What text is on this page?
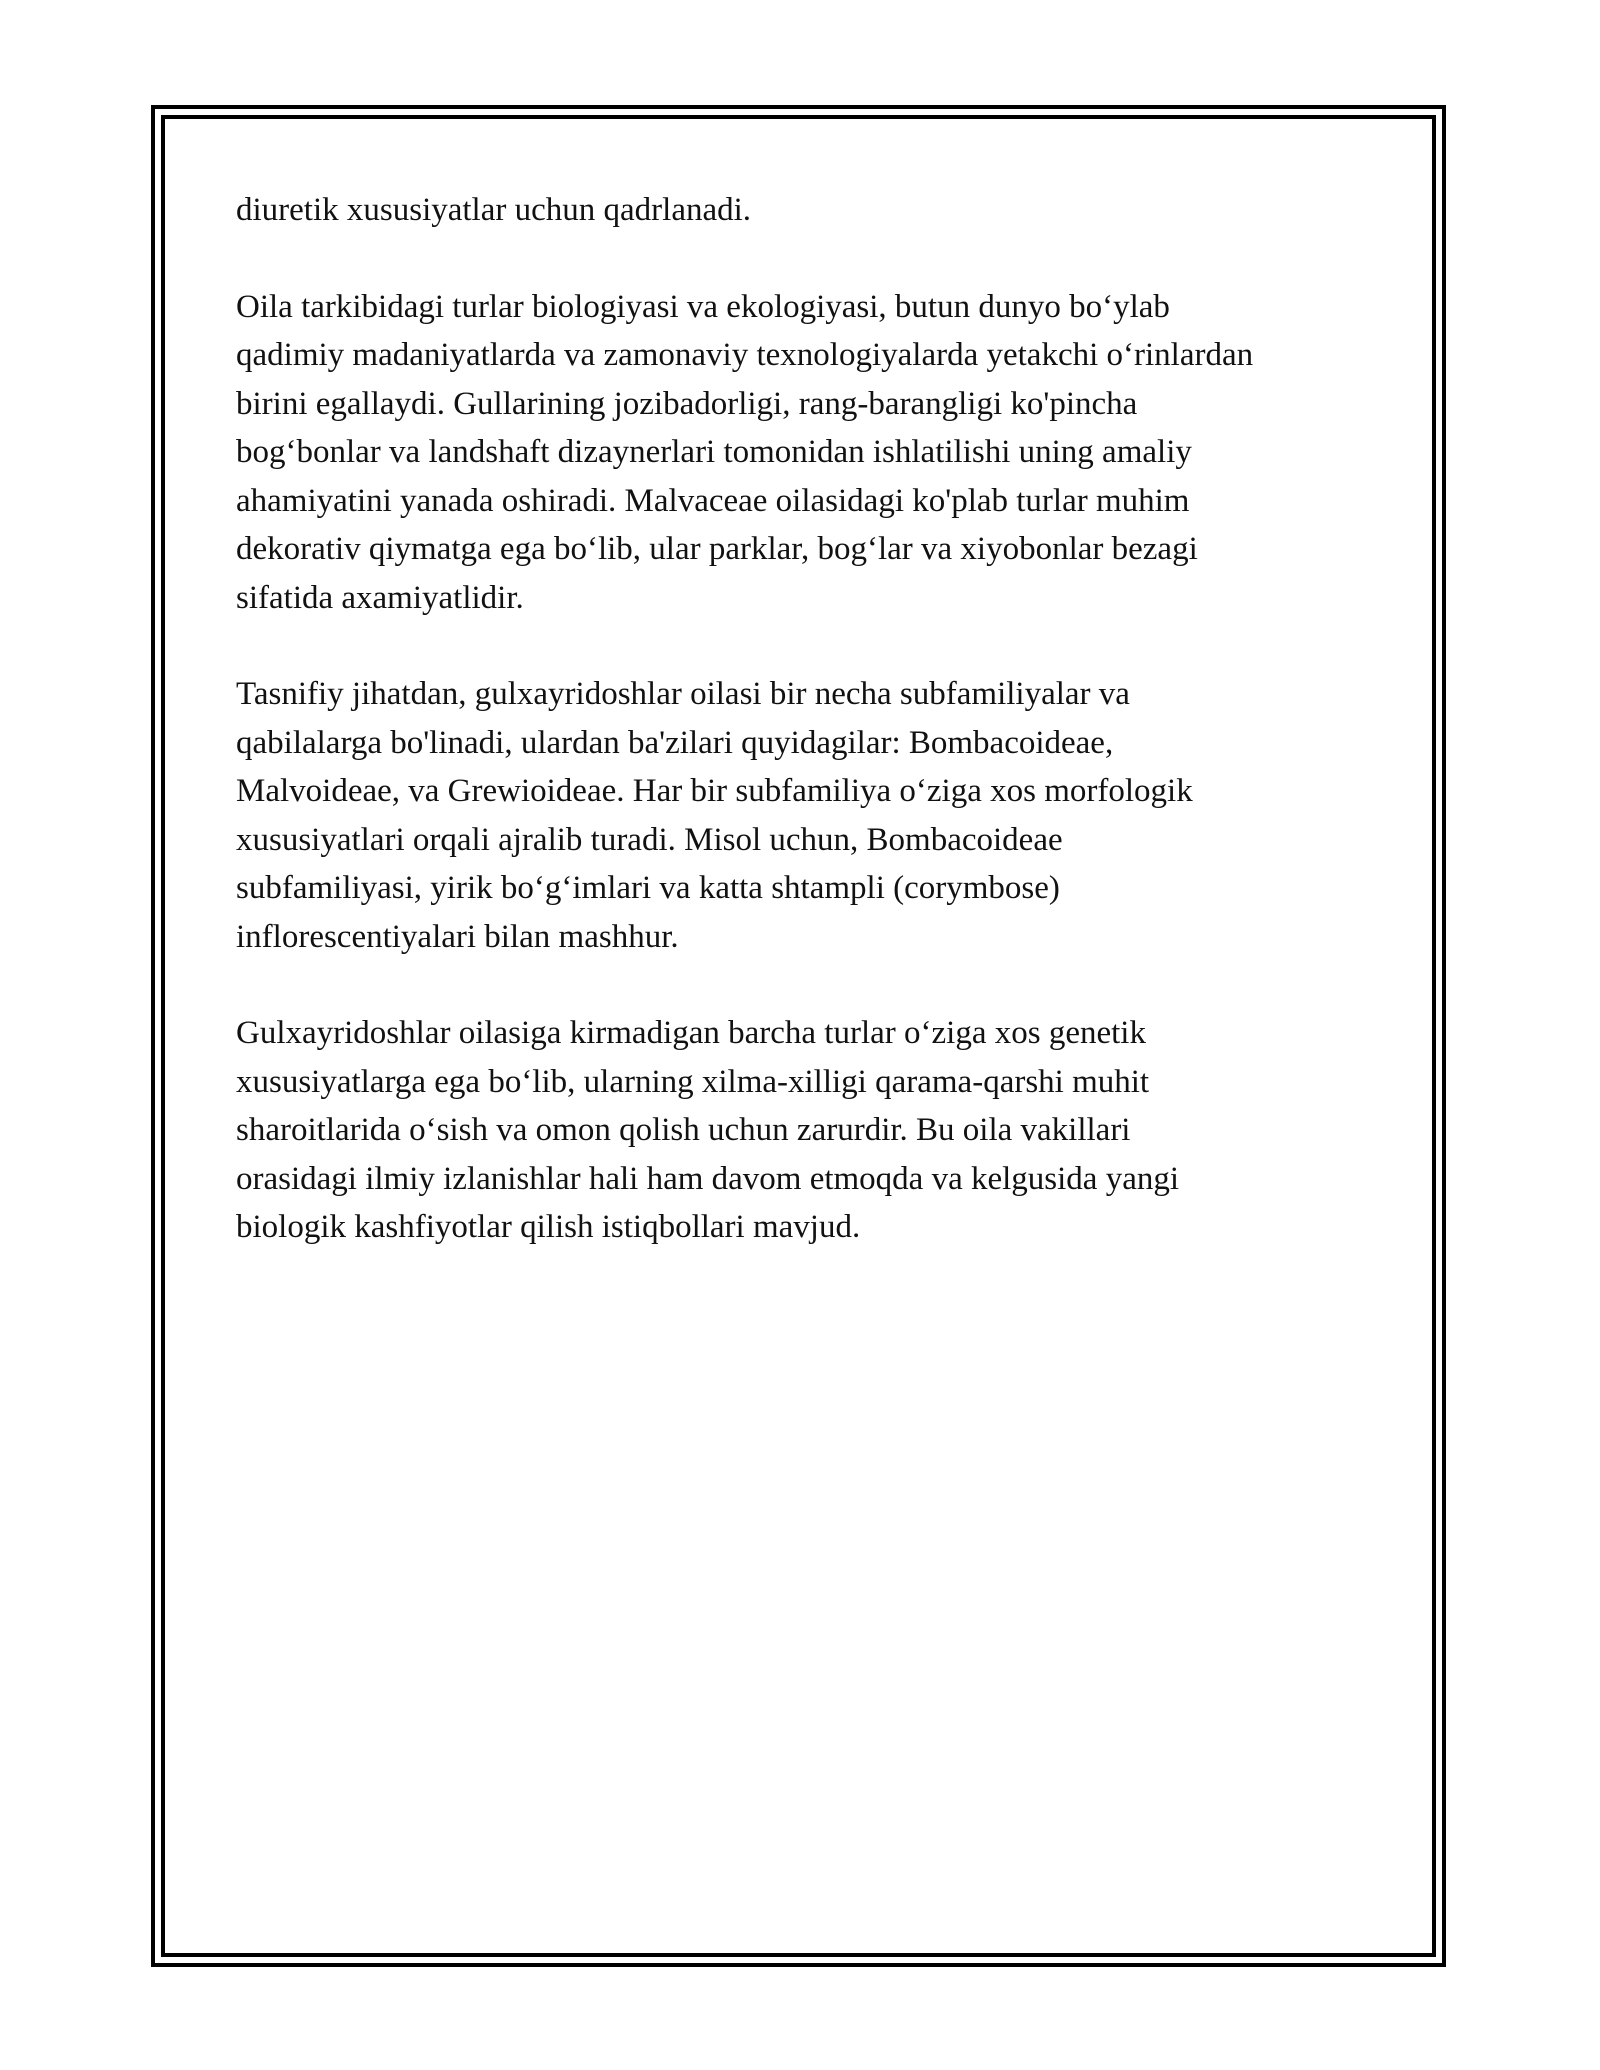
diuretik xususiyatlar uchun qadrlanadi.

Oila tarkibidagi turlar biologiyasi va ekologiyasi, butun dunyo bo‘ylab
qadimiy madaniyatlarda va zamonaviy texnologiyalarda yetakchi o‘rinlardan
birini egallaydi. Gullarining jozibadorligi, rang-barangligi ko'pincha
bog‘bonlar va landshaft dizaynerlari tomonidan ishlatilishi uning amaliy
ahamiyatini yanada oshiradi. Malvaceae oilasidagi ko'plab turlar muhim
dekorativ qiymatga ega bo‘lib, ular parklar, bog‘lar va xiyobonlar bezagi
sifatida axamiyatlidir.

Tasnifiy jihatdan, gulxayridoshlar oilasi bir necha subfamiliyalar va
qabilalarga bo'linadi, ulardan ba'zilari quyidagilar: Bombacoideae,
Malvoideae, va Grewioideae. Har bir subfamiliya o‘ziga xos morfologik
xususiyatlari orqali ajralib turadi. Misol uchun, Bombacoideae
subfamiliyasi, yirik bo‘g‘imlari va katta shtampli (corymbose)
inflorescentiyalari bilan mashhur.

Gulxayridoshlar oilasiga kirmadigan barcha turlar o‘ziga xos genetik
xususiyatlarga ega bo‘lib, ularning xilma-xilligi qarama-qarshi muhit
sharoitlarida o‘sish va omon qolish uchun zarurdir. Bu oila vakillari
orasidagi ilmiy izlanishlar hali ham davom etmoqda va kelgusida yangi
biologik kashfiyotlar qilish istiqbollari mavjud.
